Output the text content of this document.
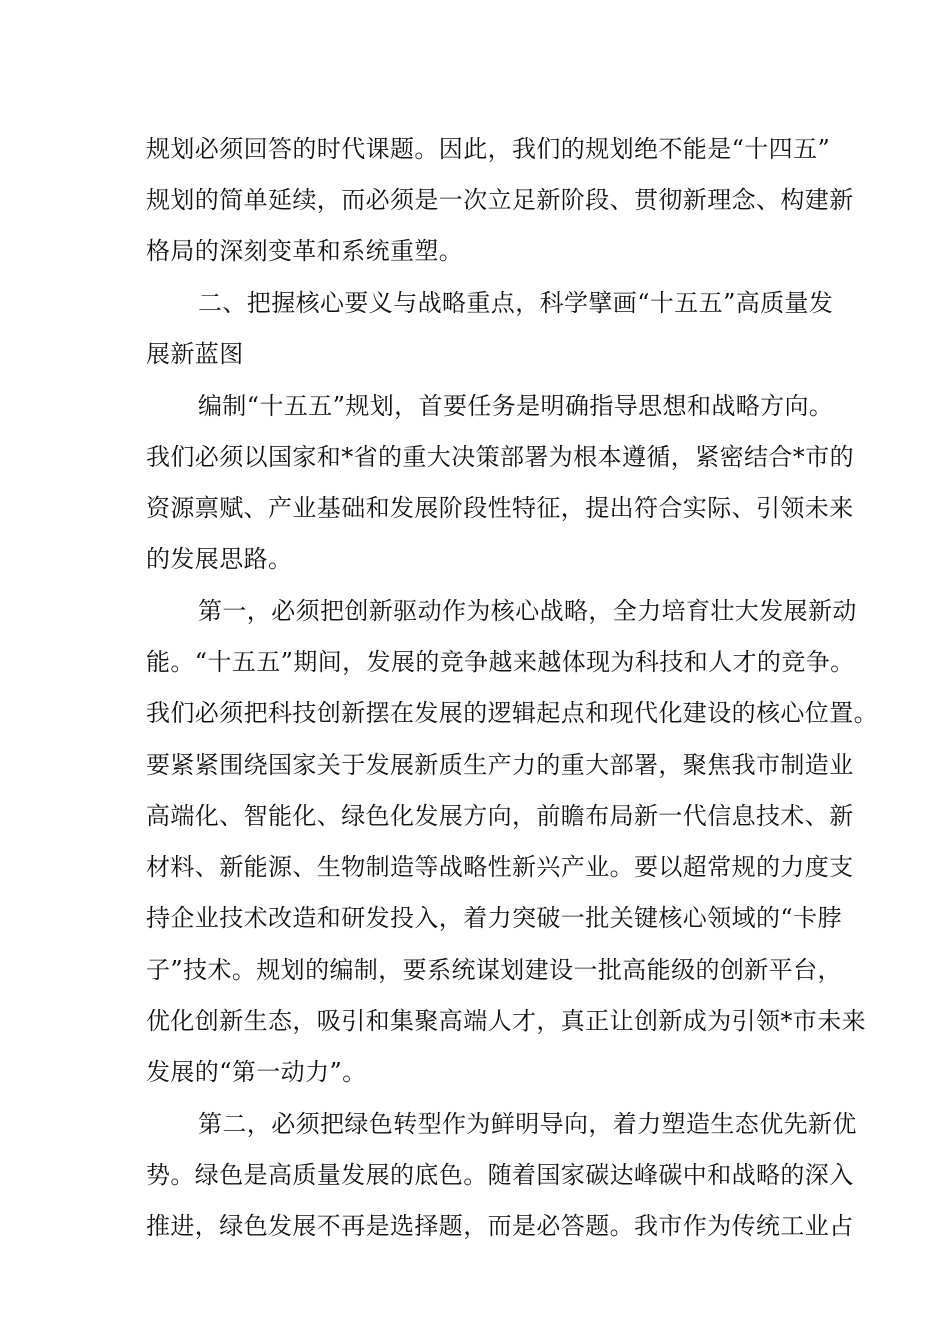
规划必须回答的时代课题。因此，我们的规划绝不能是“十四五”
规划的简单延续，而必须是一次立足新阶段、贯彻新理念、构建新
格局的深刻变革和系统重塑。
二、把握核心要义与战略重点，科学擘画“十五五”高质量发
展新蓝图
编制“十五五”规划，首要任务是明确指导思想和战略方向。
我们必须以国家和*省的重大决策部署为根本遵循，紧密结合*市的
资源禀赋、产业基础和发展阶段性特征，提出符合实际、引领未来
的发展思路。
第一，必须把创新驱动作为核心战略，全力培育壮大发展新动
能。“十五五”期间，发展的竞争越来越体现为科技和人才的竞争。
我们必须把科技创新摆在发展的逻辑起点和现代化建设的核心位置。
要紧紧围绕国家关于发展新质生产力的重大部署，聚焦我市制造业
高端化、智能化、绿色化发展方向，前瞻布局新一代信息技术、新
材料、新能源、生物制造等战略性新兴产业。要以超常规的力度支
持企业技术改造和研发投入，着力突破一批关键核心领域的“卡脖
子”技术。规划的编制，要系统谋划建设一批高能级的创新平台，
优化创新生态，吸引和集聚高端人才，真正让创新成为引领*市未来
发展的“第一动力”。
第二，必须把绿色转型作为鲜明导向，着力塑造生态优先新优
势。绿色是高质量发展的底色。随着国家碳达峰碳中和战略的深入
推进，绿色发展不再是选择题，而是必答题。我市作为传统工业占
